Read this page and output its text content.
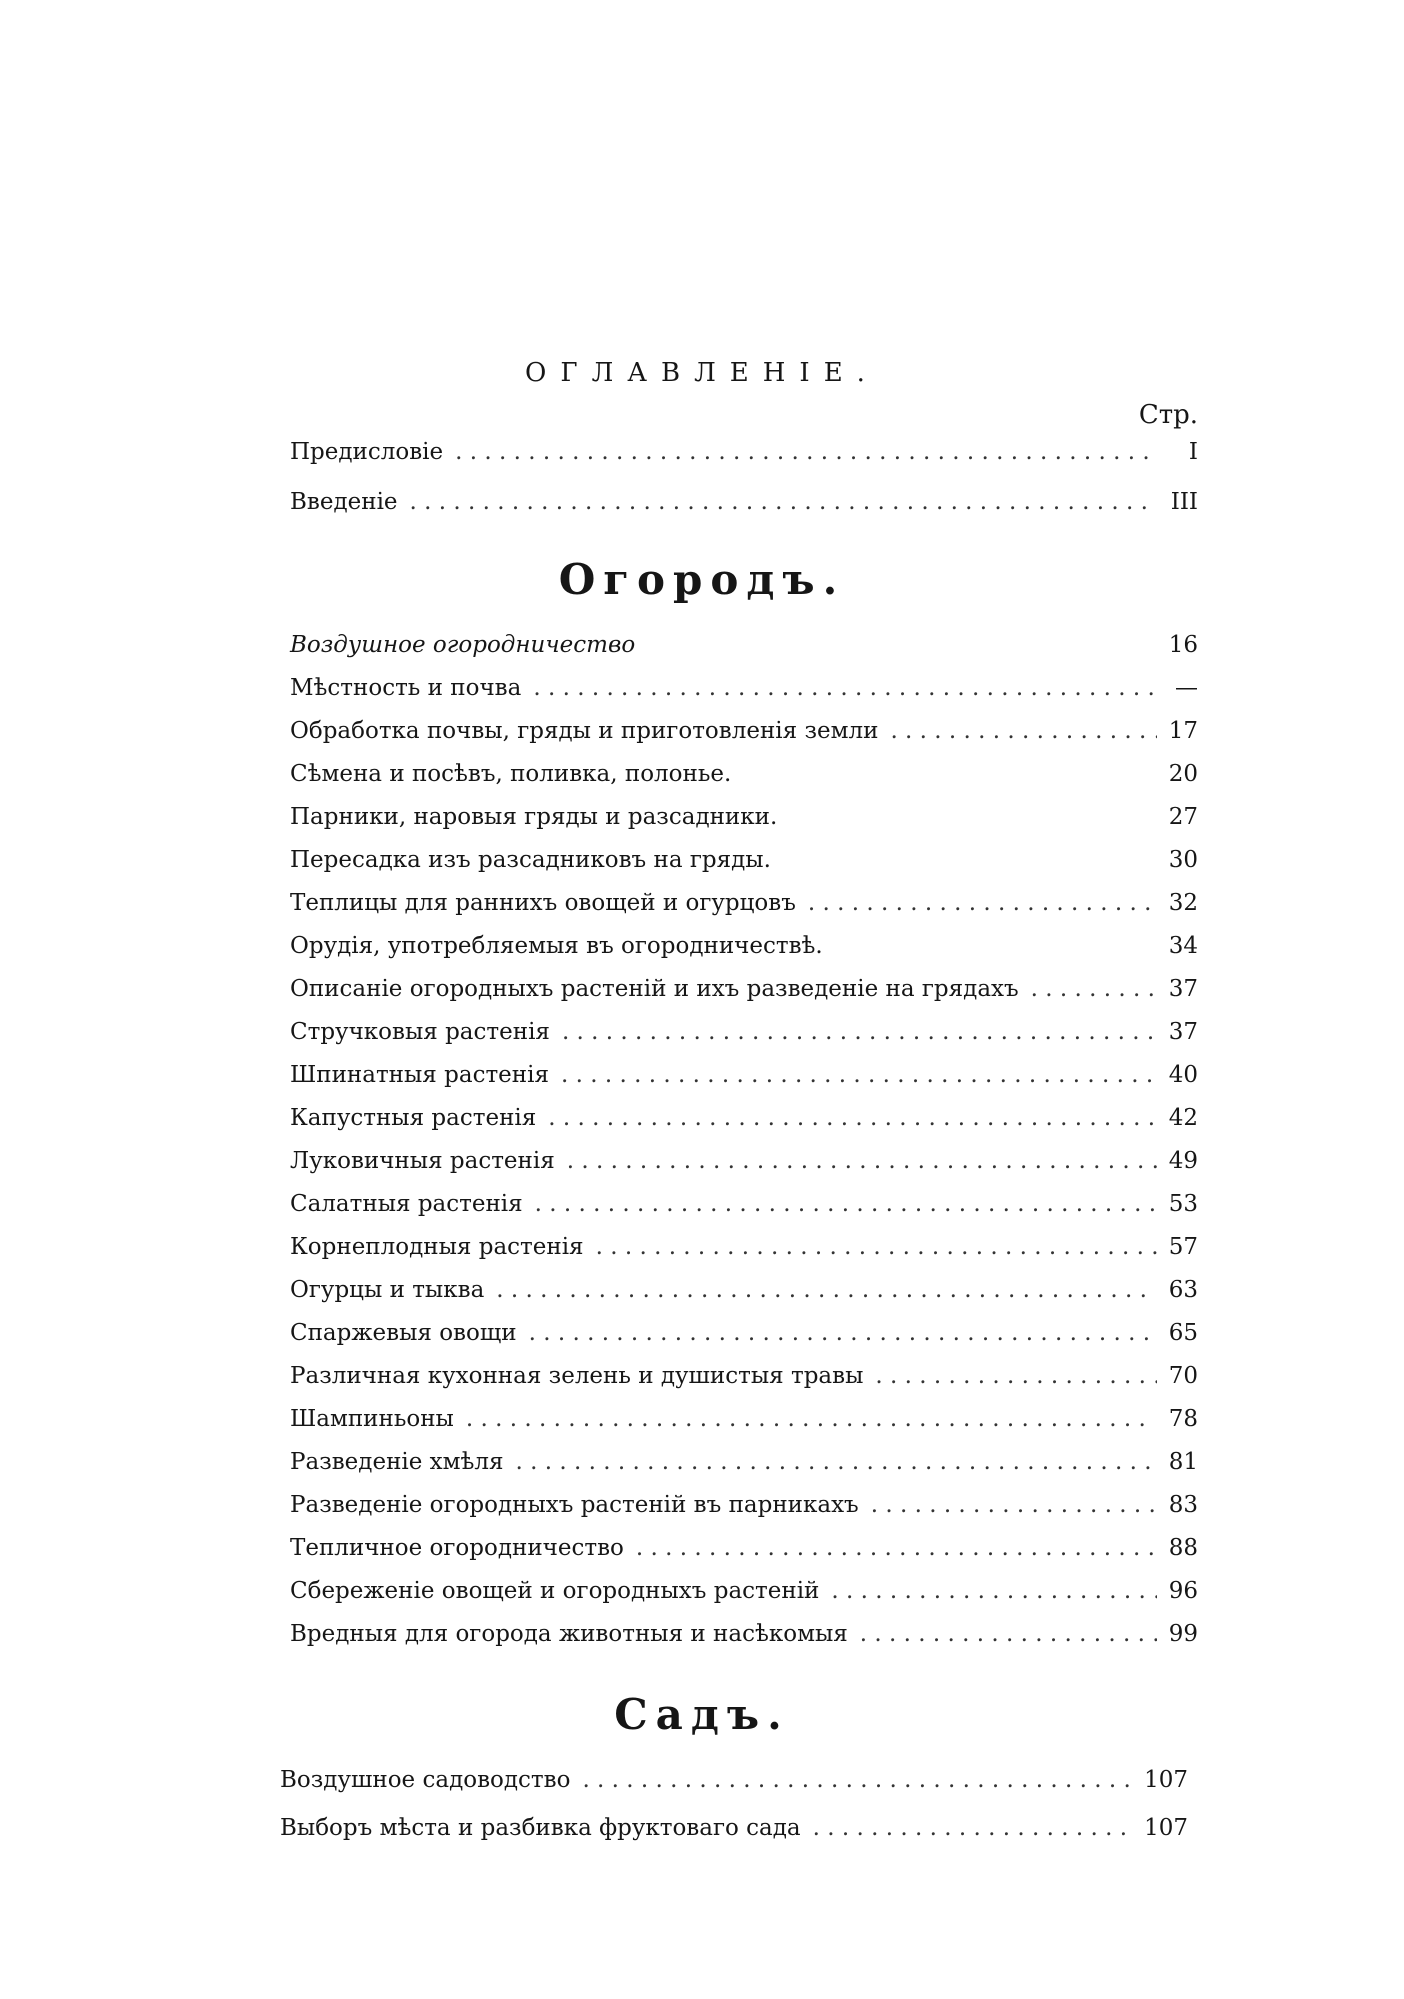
ОГЛАВЛЕНІЕ.
Стр.
Предисловіе . . .	I
Введеніе . . .	III
Огородъ.
Воздушное огородничество	16
Мѣстность и почва . . .	—
Обработка почвы, гряды и приготовленія земли . . .	17
Сѣмена и посѣвъ, поливка, полонье.	20
Парники, наровыя гряды и разсадники.	27
Пересадка изъ разсадниковъ на гряды.	30
Теплицы для раннихъ овощей и огурцовъ . . .	32
Орудія, употребляемыя въ огородничествѣ.	34
Описаніе огородныхъ растеній и ихъ разведеніе на грядахъ . . .	37
Стручковыя растенія . . .	37
Шпинатныя растенія . . .	40
Капустныя растенія . . .	42
Луковичныя растенія . . .	49
Салатныя растенія . . .	53
Корнеплодныя растенія . . .	57
Огурцы и тыква . . .	63
Спаржевыя овощи . . .	65
Различная кухонная зелень и душистыя травы . . .	70
Шампиньоны . . .	78
Разведеніе хмѣля . . .	81
Разведеніе огородныхъ растеній въ парникахъ . . .	83
Тепличное огородничество . . .	88
Сбереженіе овощей и огородныхъ растеній . . .	96
Вредныя для огорода животныя и насѣкомыя . . .	99
Садъ.
Воздушное садоводство . . .	107
Выборъ мѣста и разбивка фруктоваго сада . . .	107
